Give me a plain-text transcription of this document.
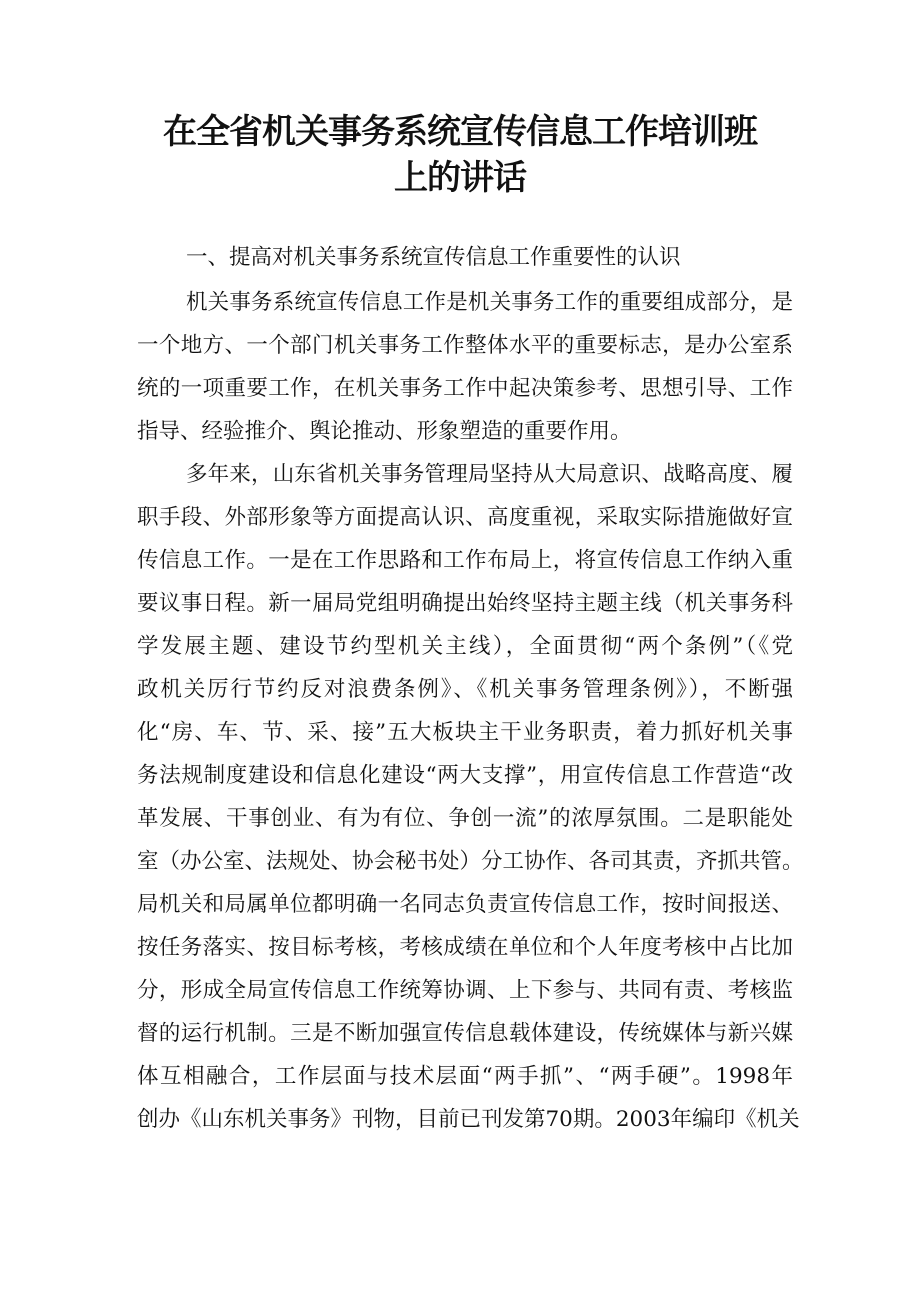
在全省机关事务系统宣传信息工作培训班
上的讲话
一、提高对机关事务系统宣传信息工作重要性的认识
机关事务系统宣传信息工作是机关事务工作的重要组成部分，是
一个地方、一个部门机关事务工作整体水平的重要标志，是办公室系
统的一项重要工作，在机关事务工作中起决策参考、思想引导、工作
指导、经验推介、舆论推动、形象塑造的重要作用。
多年来，山东省机关事务管理局坚持从大局意识、战略高度、履
职手段、外部形象等方面提高认识、高度重视，采取实际措施做好宣
传信息工作。一是在工作思路和工作布局上，将宣传信息工作纳入重
要议事日程。新一届局党组明确提出始终坚持主题主线（机关事务科
学发展主题、建设节约型机关主线），全面贯彻“两个条例”（《党
政机关厉行节约反对浪费条例》、《机关事务管理条例》），不断强
化“房、车、节、采、接”五大板块主干业务职责，着力抓好机关事
务法规制度建设和信息化建设“两大支撑”，用宣传信息工作营造“改
革发展、干事创业、有为有位、争创一流”的浓厚氛围。二是职能处
室（办公室、法规处、协会秘书处）分工协作、各司其责，齐抓共管。
局机关和局属单位都明确一名同志负责宣传信息工作，按时间报送、
按任务落实、按目标考核，考核成绩在单位和个人年度考核中占比加
分，形成全局宣传信息工作统筹协调、上下参与、共同有责、考核监
督的运行机制。三是不断加强宣传信息载体建设，传统媒体与新兴媒
体互相融合，工作层面与技术层面“两手抓”、“两手硬”。1998年
创办《山东机关事务》刊物，目前已刊发第70期。2003年编印《机关
